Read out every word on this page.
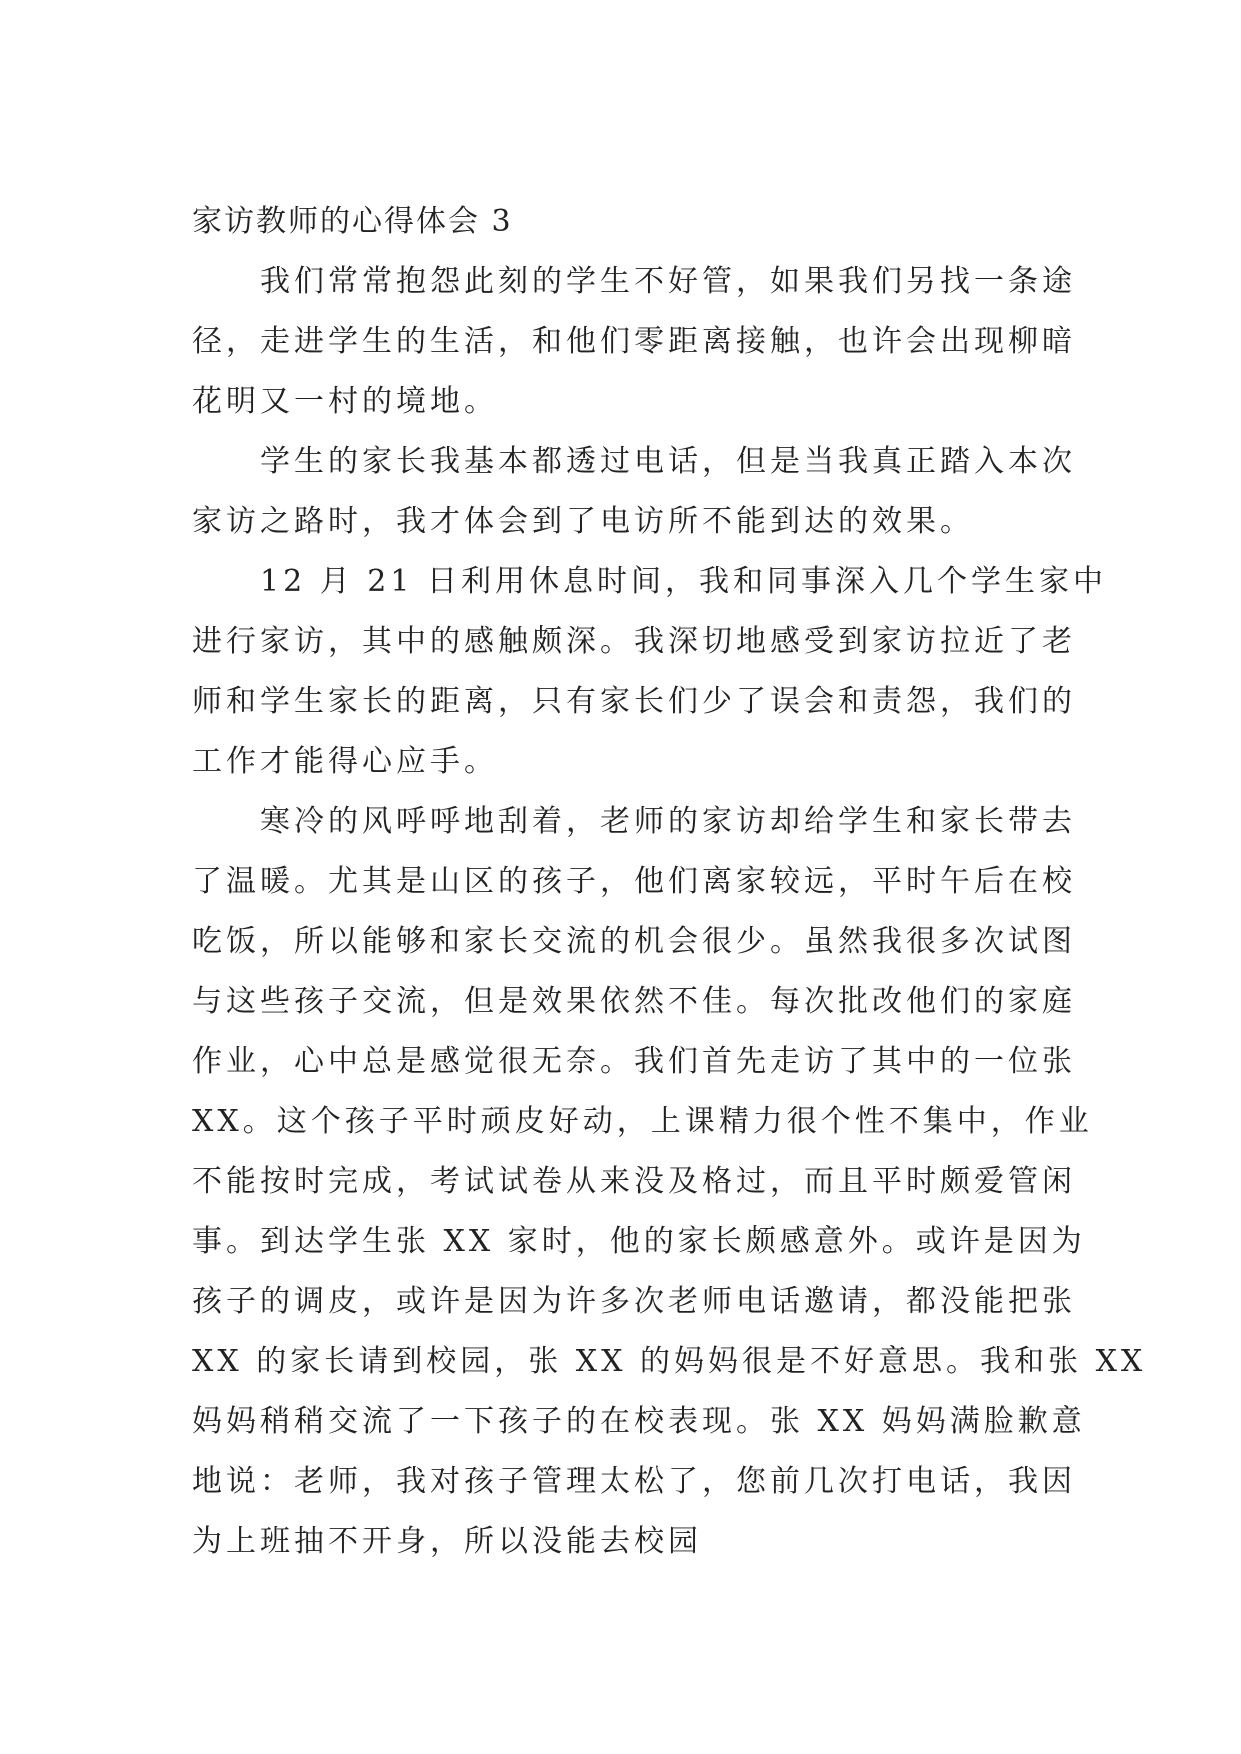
家访教师的心得体会 3

我们常常抱怨此刻的学生不好管，如果我们另找一条途
径，走进学生的生活，和他们零距离接触，也许会出现柳暗
花明又一村的境地。

学生的家长我基本都透过电话，但是当我真正踏入本次
家访之路时，我才体会到了电访所不能到达的效果。

12 月 21 日利用休息时间，我和同事深入几个学生家中
进行家访，其中的感触颇深。我深切地感受到家访拉近了老
师和学生家长的距离，只有家长们少了误会和责怨，我们的
工作才能得心应手。

寒冷的风呼呼地刮着，老师的家访却给学生和家长带去
了温暖。尤其是山区的孩子，他们离家较远，平时午后在校
吃饭，所以能够和家长交流的机会很少。虽然我很多次试图
与这些孩子交流，但是效果依然不佳。每次批改他们的家庭
作业，心中总是感觉很无奈。我们首先走访了其中的一位张
XX。这个孩子平时顽皮好动，上课精力很个性不集中，作业
不能按时完成，考试试卷从来没及格过，而且平时颇爱管闲
事。到达学生张 XX 家时，他的家长颇感意外。或许是因为
孩子的调皮，或许是因为许多次老师电话邀请，都没能把张
XX 的家长请到校园，张 XX 的妈妈很是不好意思。我和张 XX
妈妈稍稍交流了一下孩子的在校表现。张 XX 妈妈满脸歉意
地说：老师，我对孩子管理太松了，您前几次打电话，我因
为上班抽不开身，所以没能去校园
